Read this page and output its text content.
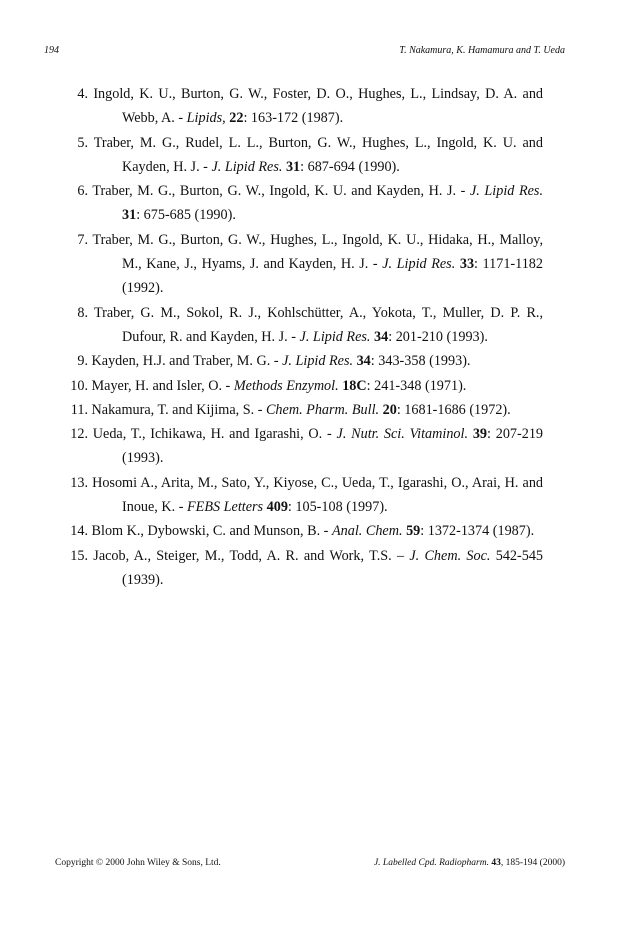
194	T. Nakamura, K. Hamamura and T. Ueda
4. Ingold, K. U., Burton, G. W., Foster, D. O., Hughes, L., Lindsay, D. A. and Webb, A. - Lipids, 22: 163-172 (1987).
5. Traber, M. G., Rudel, L. L., Burton, G. W., Hughes, L., Ingold, K. U. and Kayden, H. J. - J. Lipid Res. 31: 687-694 (1990).
6. Traber, M. G., Burton, G. W., Ingold, K. U. and Kayden, H. J. - J. Lipid Res. 31: 675-685 (1990).
7. Traber, M. G., Burton, G. W., Hughes, L., Ingold, K. U., Hidaka, H., Malloy, M., Kane, J., Hyams, J. and Kayden, H. J. - J. Lipid Res. 33: 1171-1182 (1992).
8. Traber, G. M., Sokol, R. J., Kohlschütter, A., Yokota, T., Muller, D. P. R., Dufour, R. and Kayden, H. J. - J. Lipid Res. 34: 201-210 (1993).
9. Kayden, H.J. and Traber, M. G. - J. Lipid Res. 34: 343-358 (1993).
10. Mayer, H. and Isler, O. - Methods Enzymol. 18C: 241-348 (1971).
11. Nakamura, T. and Kijima, S. - Chem. Pharm. Bull. 20: 1681-1686 (1972).
12. Ueda, T., Ichikawa, H. and Igarashi, O. - J. Nutr. Sci. Vitaminol. 39: 207-219 (1993).
13. Hosomi A., Arita, M., Sato, Y., Kiyose, C., Ueda, T., Igarashi, O., Arai, H. and Inoue, K. - FEBS Letters 409: 105-108 (1997).
14. Blom K., Dybowski, C. and Munson, B. - Anal. Chem. 59: 1372-1374 (1987).
15. Jacob, A., Steiger, M., Todd, A. R. and Work, T.S. – J. Chem. Soc. 542-545 (1939).
Copyright © 2000 John Wiley & Sons, Ltd.	J. Labelled Cpd. Radiopharm. 43, 185-194 (2000)
